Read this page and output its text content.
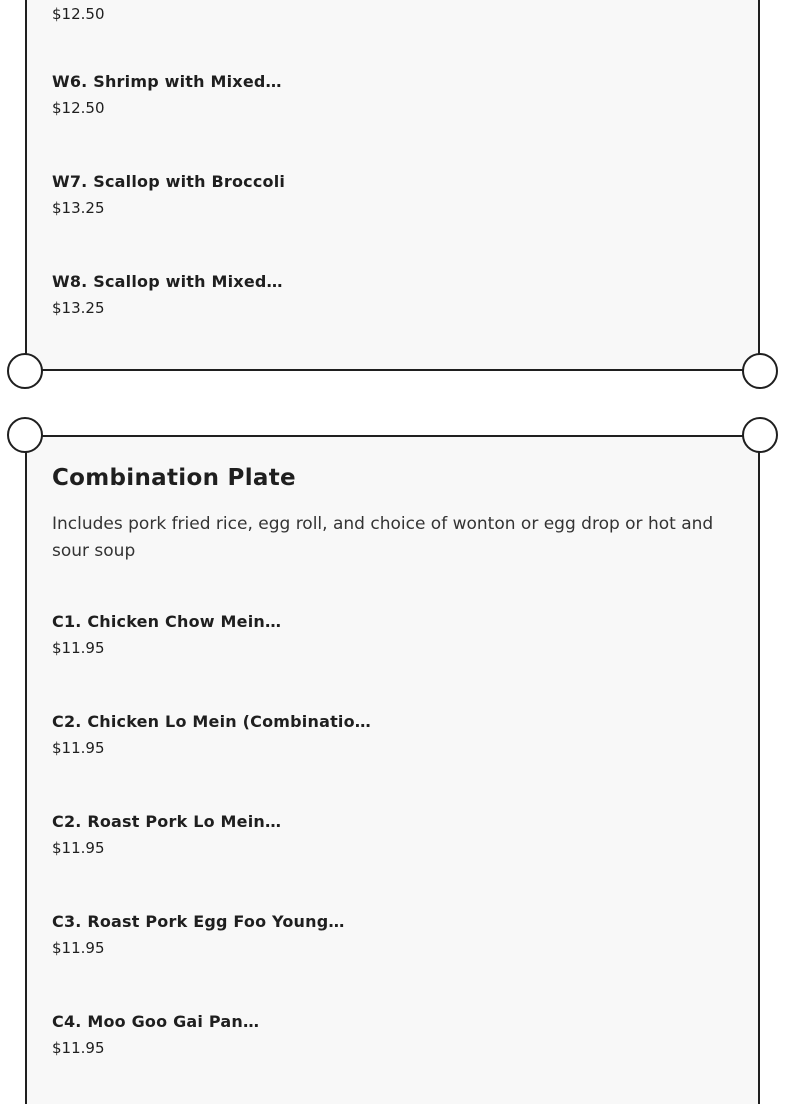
$12.50
W6. Shrimp with Mixed…
$12.50
W7. Scallop with Broccoli
$13.25
W8. Scallop with Mixed…
$13.25
Combination Plate

Includes pork fried rice, egg roll, and choice of wonton or egg drop or hot and sour soup

C1. Chicken Chow Mein…
$11.95
C2. Chicken Lo Mein (Combinatio…
$11.95
C2. Roast Pork Lo Mein…
$11.95
C3. Roast Pork Egg Foo Young…
$11.95
C4. Moo Goo Gai Pan…
$11.95
